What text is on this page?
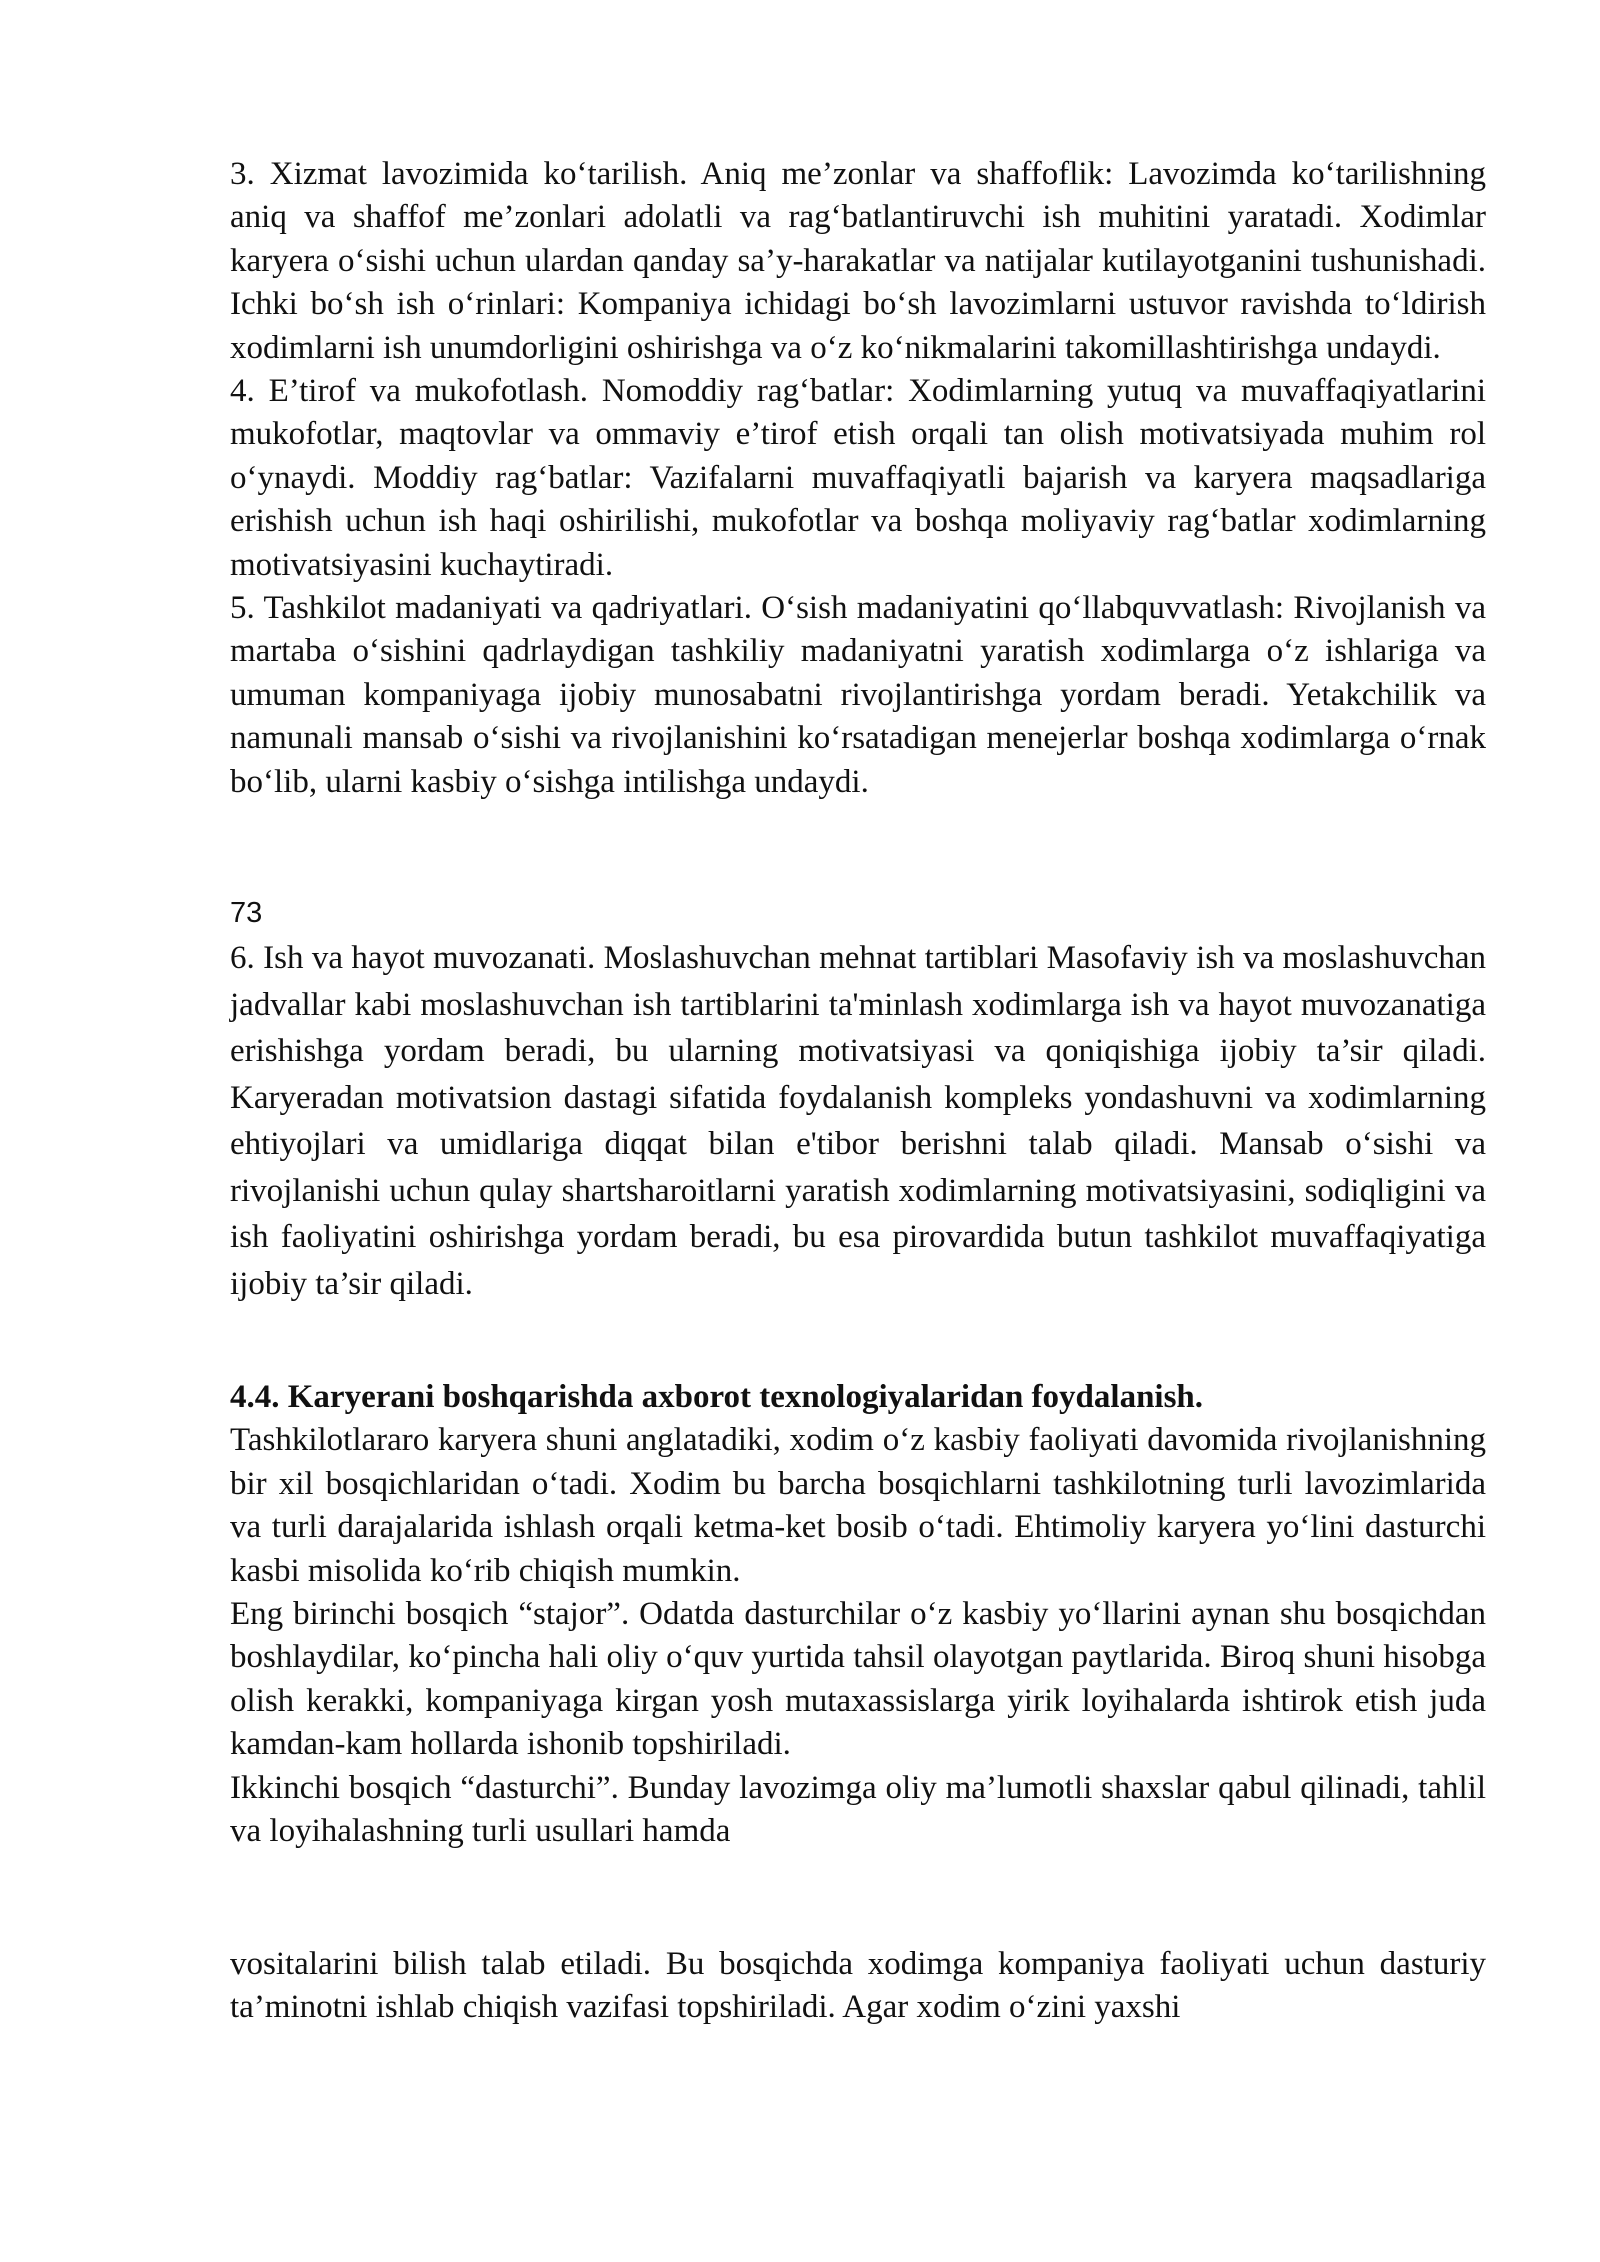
3. Xizmat lavozimida ko‘tarilish. Aniq me’zonlar va shaffoflik: Lavozimda ko‘tarilishning aniq va shaffof me’zonlari adolatli va rag‘batlantiruvchi ish muhitini yaratadi. Xodimlar karyera o‘sishi uchun ulardan qanday sa’y-harakatlar va natijalar kutilayotganini tushunishadi. Ichki bo‘sh ish o‘rinlari: Kompaniya ichidagi bo‘sh lavozimlarni ustuvor ravishda to‘ldirish xodimlarni ish unumdorligini oshirishga va o‘z ko‘nikmalarini takomillashtirishga undaydi.

4. E’tirof va mukofotlash. Nomoddiy rag‘batlar: Xodimlarning yutuq va muvaffaqiyatlarini mukofotlar, maqtovlar va ommaviy e’tirof etish orqali tan olish motivatsiyada muhim rol o‘ynaydi. Moddiy rag‘batlar: Vazifalarni muvaffaqiyatli bajarish va karyera maqsadlariga erishish uchun ish haqi oshirilishi, mukofotlar va boshqa moliyaviy rag‘batlar xodimlarning motivatsiyasini kuchaytiradi.

5. Tashkilot madaniyati va qadriyatlari. O‘sish madaniyatini qo‘llabquvvatlash: Rivojlanish va martaba o‘sishini qadrlaydigan tashkiliy madaniyatni yaratish xodimlarga o‘z ishlariga va umuman kompaniyaga ijobiy munosabatni rivojlantirishga yordam beradi. Yetakchilik va namunali mansab o‘sishi va rivojlanishini ko‘rsatadigan menejerlar boshqa xodimlarga o‘rnak bo‘lib, ularni kasbiy o‘sishga intilishga undaydi.

73

6. Ish va hayot muvozanati. Moslashuvchan mehnat tartiblari Masofaviy ish va moslashuvchan jadvallar kabi moslashuvchan ish tartiblarini ta'minlash xodimlarga ish va hayot muvozanatiga erishishga yordam beradi, bu ularning motivatsiyasi va qoniqishiga ijobiy ta’sir qiladi. Karyeradan motivatsion dastagi sifatida foydalanish kompleks yondashuvni va xodimlarning ehtiyojlari va umidlariga diqqat bilan e'tibor berishni talab qiladi. Mansab o‘sishi va rivojlanishi uchun qulay shartsharoitlarni yaratish xodimlarning motivatsiyasini, sodiqligini va ish faoliyatini oshirishga yordam beradi, bu esa pirovardida butun tashkilot muvaffaqiyatiga ijobiy ta’sir qiladi.

4.4. Karyerani boshqarishda axborot texnologiyalaridan foydalanish.

Tashkilotlararo karyera shuni anglatadiki, xodim o‘z kasbiy faoliyati davomida rivojlanishning bir xil bosqichlaridan o‘tadi. Xodim bu barcha bosqichlarni tashkilotning turli lavozimlarida va turli darajalarida ishlash orqali ketma-ket bosib o‘tadi. Ehtimoliy karyera yo‘lini dasturchi kasbi misolida ko‘rib chiqish mumkin.

Eng birinchi bosqich “stajor”. Odatda dasturchilar o‘z kasbiy yo‘llarini aynan shu bosqichdan boshlaydilar, ko‘pincha hali oliy o‘quv yurtida tahsil olayotgan paytlarida. Biroq shuni hisobga olish kerakki, kompaniyaga kirgan yosh mutaxassislarga yirik loyihalarda ishtirok etish juda kamdan-kam hollarda ishonib topshiriladi.

Ikkinchi bosqich “dasturchi”. Bunday lavozimga oliy ma’lumotli shaxslar qabul qilinadi, tahlil va loyihalashning turli usullari hamda

vositalarini bilish talab etiladi. Bu bosqichda xodimga kompaniya faoliyati uchun dasturiy ta’minotni ishlab chiqish vazifasi topshiriladi. Agar xodim o‘zini yaxshi
